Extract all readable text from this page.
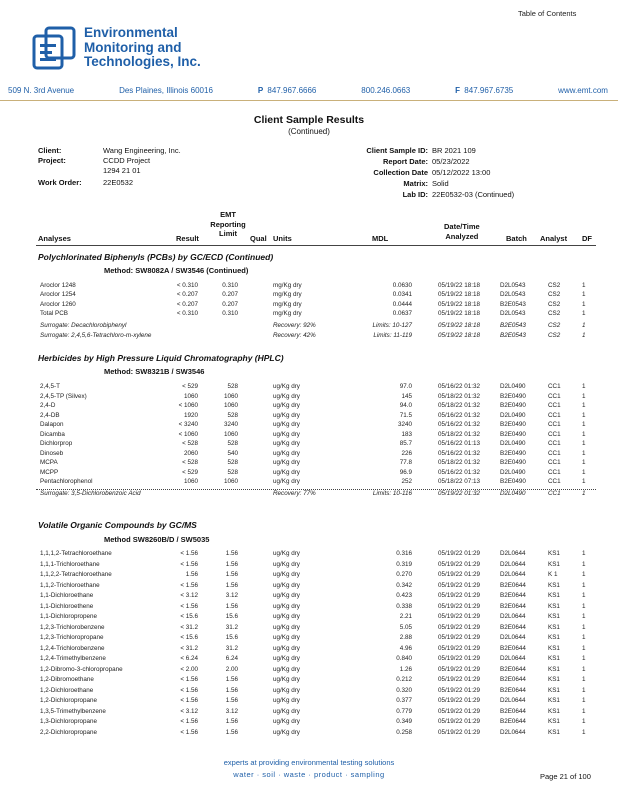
Table of Contents
Environmental
Monitoring and
Technologies, Inc.
509 N. 3rd Avenue	Des Plaines, Illinois 60016	P 847.967.6666	800.246.0663	F 847.967.6735	www.emt.com
Client Sample Results
(Continued)
Client:	Wang Engineering, Inc.
Project:	CCDD Project
1294 21 01
Work Order:	22E0532
Client Sample ID: BR 2021 109
Report Date: 05/23/2022
Collection Date 05/12/2022 13:00
Matrix: Solid
Lab ID: 22E0532-03 (Continued)
Analyses	Result
EMT
Reporting
Limit
Qual Units	MDL
Date/Time
Analyzed	Batch Analyst DF
Polychlorinated Biphenyls (PCBs) by GC/ECD (Continued)
Method: SW8082A / SW3546 (Continued)
Aroclor 1248	< 0.310	0.310	mg/Kg dry	0.0630	05/19/22 18:18	D2L0543	CS2	1
Aroclor 1254	< 0.207	0.207	mg/Kg dry	0.0341	05/19/22 18:18	D2L0543	CS2	1
Aroclor 1260	< 0.207	0.207	mg/Kg dry	0.0444	05/19/22 18:18	B2E0543	CS2	1
Total PCB	< 0.310	0.310	mg/Kg dry	0.0637	05/19/22 18:18	D2L0543	CS2	1
Surrogate: Decachlorobiphenyl	Recovery: 92%	Limits: 10-127	05/19/22 18:18	B2E0543	CS2	1
Surrogate: 2,4,5,6-Tetrachloro-m-xylene	Recovery: 42%	Limits: 11-119	05/19/22 18:18	B2E0543	CS2	1
Herbicides by High Pressure Liquid Chromatography (HPLC)
Method: SW8321B / SW3546
2,4,5-T	< 529	528	ug/Kg dry	97.0	05/16/22 01:32	D2L0490	CC1	1
2,4,5-TP (Silvex)	1060	1060	ug/Kg dry	145	05/18/22 01:32	B2E0490	CC1	1
2,4-D	< 1060	1060	ug/Kg dry	94.0	05/18/22 01:32	B2E0490	CC1	1
2,4-DB	1920	528	ug/Kg dry	71.5	05/16/22 01:32	D2L0490	CC1	1
Dalapon	< 3240	3240	ug/Kg dry	3240	05/16/22 01:32	B2E0490	CC1	1
Dicamba	< 1060	1060	ug/Kg dry	183	05/18/22 01:32	B2E0490	CC1	1
Dichlorprop	< 528	528	ug/Kg dry	85.7	05/16/22 01:13	D2L0490	CC1	1
Dinoseb	2060	540	ug/Kg dry	226	05/16/22 01:32	B2E0490	CC1	1
MCPA	< 528	528	ug/Kg dry	77.8	05/18/22 01:32	B2E0490	CC1	1
MCPP	< 529	528	ug/Kg dry	96.9	05/16/22 01:32	D2L0490	CC1	1
Pentachlorophenol	1060	1060	ug/Kg dry	252	05/18/22 07:13	B2E0490	CC1	1
Surrogate: 3,5-Dichlorobenzoic Acid	Recovery: 77%	Limits: 10-116	05/19/22 01:32	D2L0490	CC1	1
Volatile Organic Compounds by GC/MS
Method SW8260B/D / SW5035
1,1,1,2-Tetrachloroethane	< 1.56	1.56	ug/Kg dry	0.316	05/19/22 01:29	D2L0644	KS1	1
1,1,1-Trichloroethane	< 1.56	1.56	ug/Kg dry	0.319	05/19/22 01:29	D2L0644	KS1	1
1,1,2,2-Tetrachloroethane	1.56	1.56	ug/Kg dry	0.270	05/19/22 01:29	D2L0644	K 1	1
1,1,2-Trichloroethane	< 1.56	1.56	ug/Kg dry	0.342	05/19/22 01:29	B2E0644	KS1	1
1,1-Dichloroethane	< 3.12	3.12	ug/Kg dry	0.423	05/19/22 01:29	B2E0644	KS1	1
1,1-Dichloroethene	< 1.56	1.56	ug/Kg dry	0.338	05/19/22 01:29	B2E0644	KS1	1
1,1-Dichloropropene	< 15.6	15.6	ug/Kg dry	2.21	05/19/22 01:29	D2L0644	KS1	1
1,2,3-Trichlorobenzene	< 31.2	31.2	ug/Kg dry	5.05	05/19/22 01:29	B2E0644	KS1	1
1,2,3-Trichloropropane	< 15.6	15.6	ug/Kg dry	2.88	05/19/22 01:29	D2L0644	KS1	1
1,2,4-Trichlorobenzene	< 31.2	31.2	ug/Kg dry	4.96	05/19/22 01:29	B2E0644	KS1	1
1,2,4-Trimethylbenzene	< 6.24	6.24	ug/Kg dry	0.840	05/19/22 01:29	D2L0644	KS1	1
1,2-Dibromo-3-chloropropane	< 2.00	2.00	ug/Kg dry	1.26	05/19/22 01:29	B2E0644	KS1	1
1,2-Dibromoethane	< 1.56	1.56	ug/Kg dry	0.212	05/19/22 01:29	B2E0644	KS1	1
1,2-Dichloroethane	< 1.56	1.56	ug/Kg dry	0.320	05/19/22 01:29	B2E0644	KS1	1
1,2-Dichloropropane	< 1.56	1.56	ug/Kg dry	0.377	05/19/22 01:29	D2L0644	KS1	1
1,3,5-Trimethylbenzene	< 3.12	3.12	ug/Kg dry	0.779	05/19/22 01:29	B2E0644	KS1	1
1,3-Dichloropropane	< 1.56	1.56	ug/Kg dry	0.349	05/19/22 01:29	B2E0644	KS1	1
2,2-Dichloropropane	< 1.56	1.56	ug/Kg dry	0.258	05/19/22 01:29	D2L0644	KS1	1
experts at providing environmental testing solutions
water · soil · waste · product · sampling	Page 21 of 100
